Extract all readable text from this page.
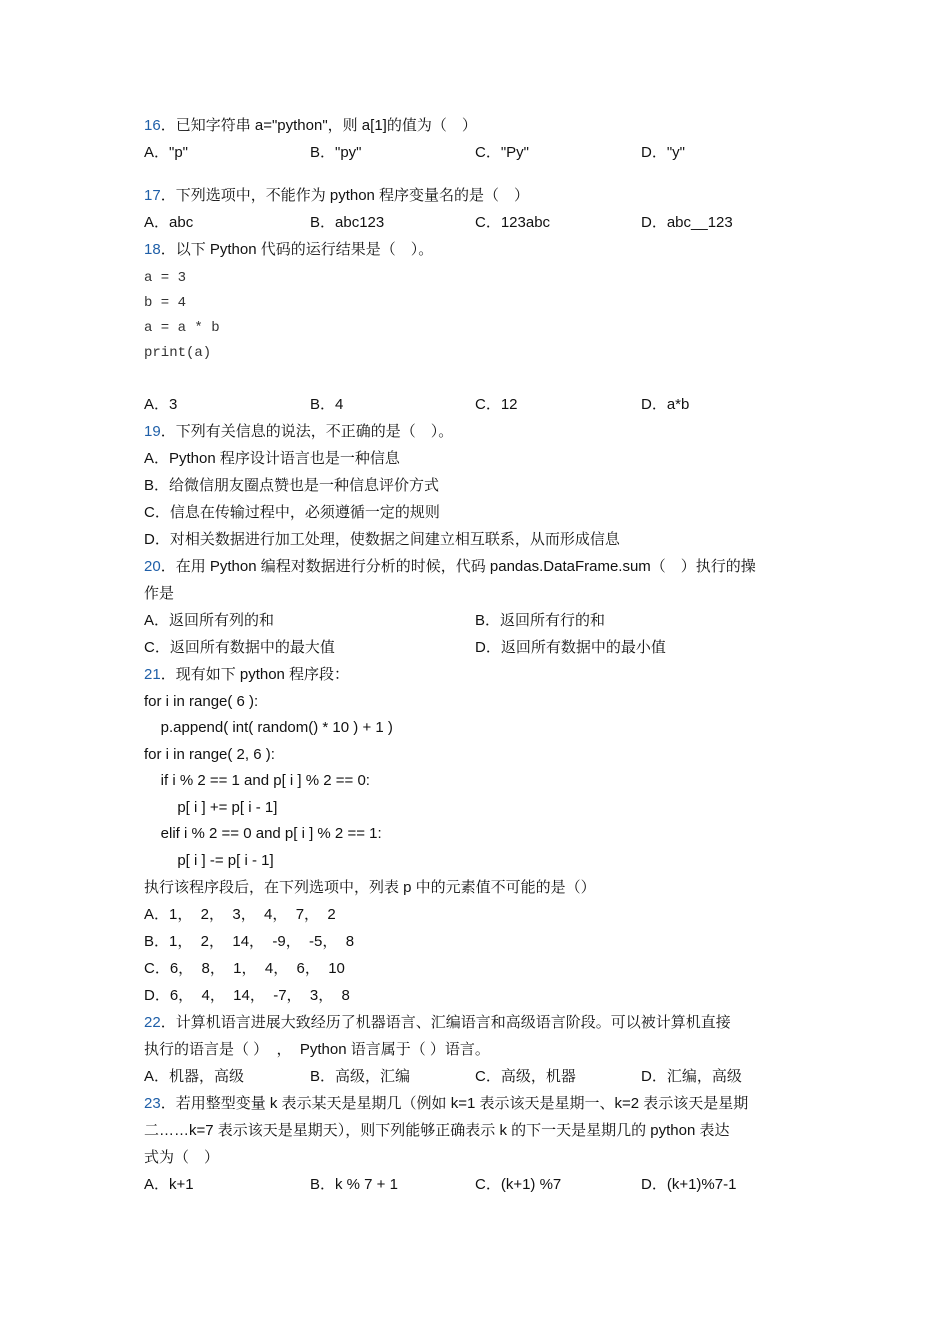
16．已知字符串 a="python"，则 a[1]的值为（　）
A．"p"	B．"py"	C．"Py"	D．"y"
17．下列选项中，不能作为 python 程序变量名的是（　）
A．abc	B．abc123	C．123abc	D．abc__123
18．以下 Python 代码的运行结果是（　）。
a = 3
b = 4
a = a * b
print(a)
A．3	B．4	C．12	D．a*b
19．下列有关信息的说法，不正确的是（　）。
A．Python 程序设计语言也是一种信息
B．给微信朋友圈点赞也是一种信息评价方式
C．信息在传输过程中，必须遵循一定的规则
D．对相关数据进行加工处理，使数据之间建立相互联系，从而形成信息
20．在用 Python 编程对数据进行分析的时候，代码 pandas.DataFrame.sum（　）执行的操
作是
A．返回所有列的和	B．返回所有行的和
C．返回所有数据中的最大值	D．返回所有数据中的最小值
21．现有如下 python 程序段：
for i in range( 6 ):
p.append( int( random() * 10 ) + 1 )
for i in range( 2, 6 ):
if i % 2 == 1 and p[ i ] % 2 == 0:
p[ i ] += p[ i - 1]
elif i % 2 == 0 and p[ i ] % 2 == 1:
p[ i ] -= p[ i - 1]
执行该程序段后，在下列选项中，列表 p 中的元素值不可能的是（）
A．1，  2，  3，  4，  7，  2
B．1，  2，  14，  -9，  -5，  8
C．6，  8，  1，  4，  6，  10
D．6，  4，  14，  -7，  3，  8
22．计算机语言进展大致经历了机器语言、汇编语言和高级语言阶段。可以被计算机直接
执行的语言是（ ）  ，  Python 语言属于（ ）语言。
A．机器，高级	B．高级，汇编	C．高级，机器	D．汇编，高级
23．若用整型变量 k 表示某天是星期几（例如 k=1 表示该天是星期一、k=2 表示该天是星期
二……k=7 表示该天是星期天），则下列能够正确表示 k 的下一天是星期几的 python 表达
式为（　）
A．k+1	B．k % 7 + 1	C．(k+1) %7	D．(k+1)%7-1
